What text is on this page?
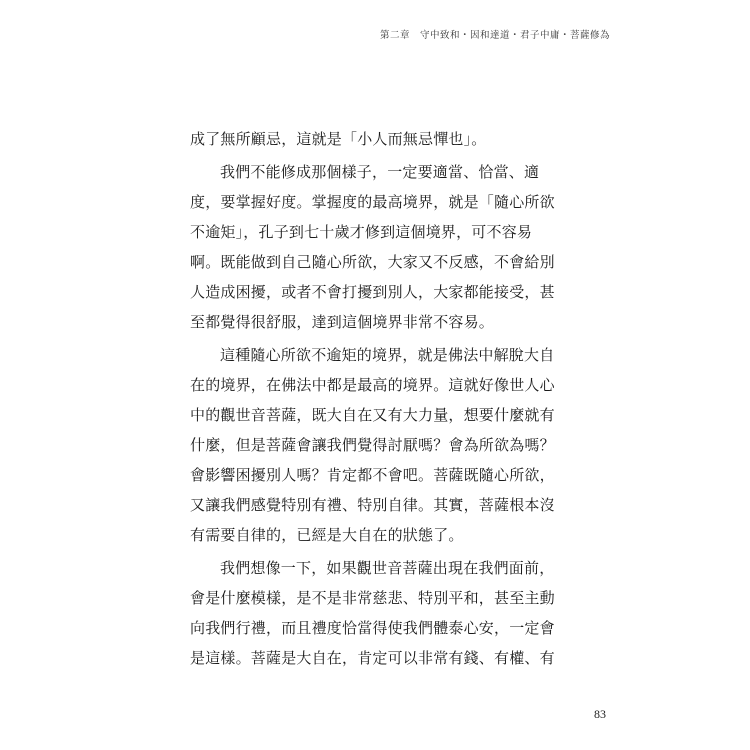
第二章　守中致和・因和達道・君子中庸・菩薩修為
成了無所顧忌，這就是「小人而無忌憚也」。
我們不能修成那個樣子，一定要適當、恰當、適
度，要掌握好度。掌握度的最高境界，就是「隨心所欲
不逾矩」，孔子到七十歲才修到這個境界，可不容易
啊。既能做到自己隨心所欲，大家又不反感，不會給別
人造成困擾，或者不會打擾到別人，大家都能接受，甚
至都覺得很舒服，達到這個境界非常不容易。
這種隨心所欲不逾矩的境界，就是佛法中解脫大自
在的境界，在佛法中都是最高的境界。這就好像世人心
中的觀世音菩薩，既大自在又有大力量，想要什麼就有
什麼，但是菩薩會讓我們覺得討厭嗎？會為所欲為嗎？
會影響困擾別人嗎？肯定都不會吧。菩薩既隨心所欲，
又讓我們感覺特別有禮、特別自律。其實，菩薩根本沒
有需要自律的，已經是大自在的狀態了。
我們想像一下，如果觀世音菩薩出現在我們面前，
會是什麼模樣，是不是非常慈悲、特別平和，甚至主動
向我們行禮，而且禮度恰當得使我們體泰心安，一定會
是這樣。菩薩是大自在，肯定可以非常有錢、有權、有
83
